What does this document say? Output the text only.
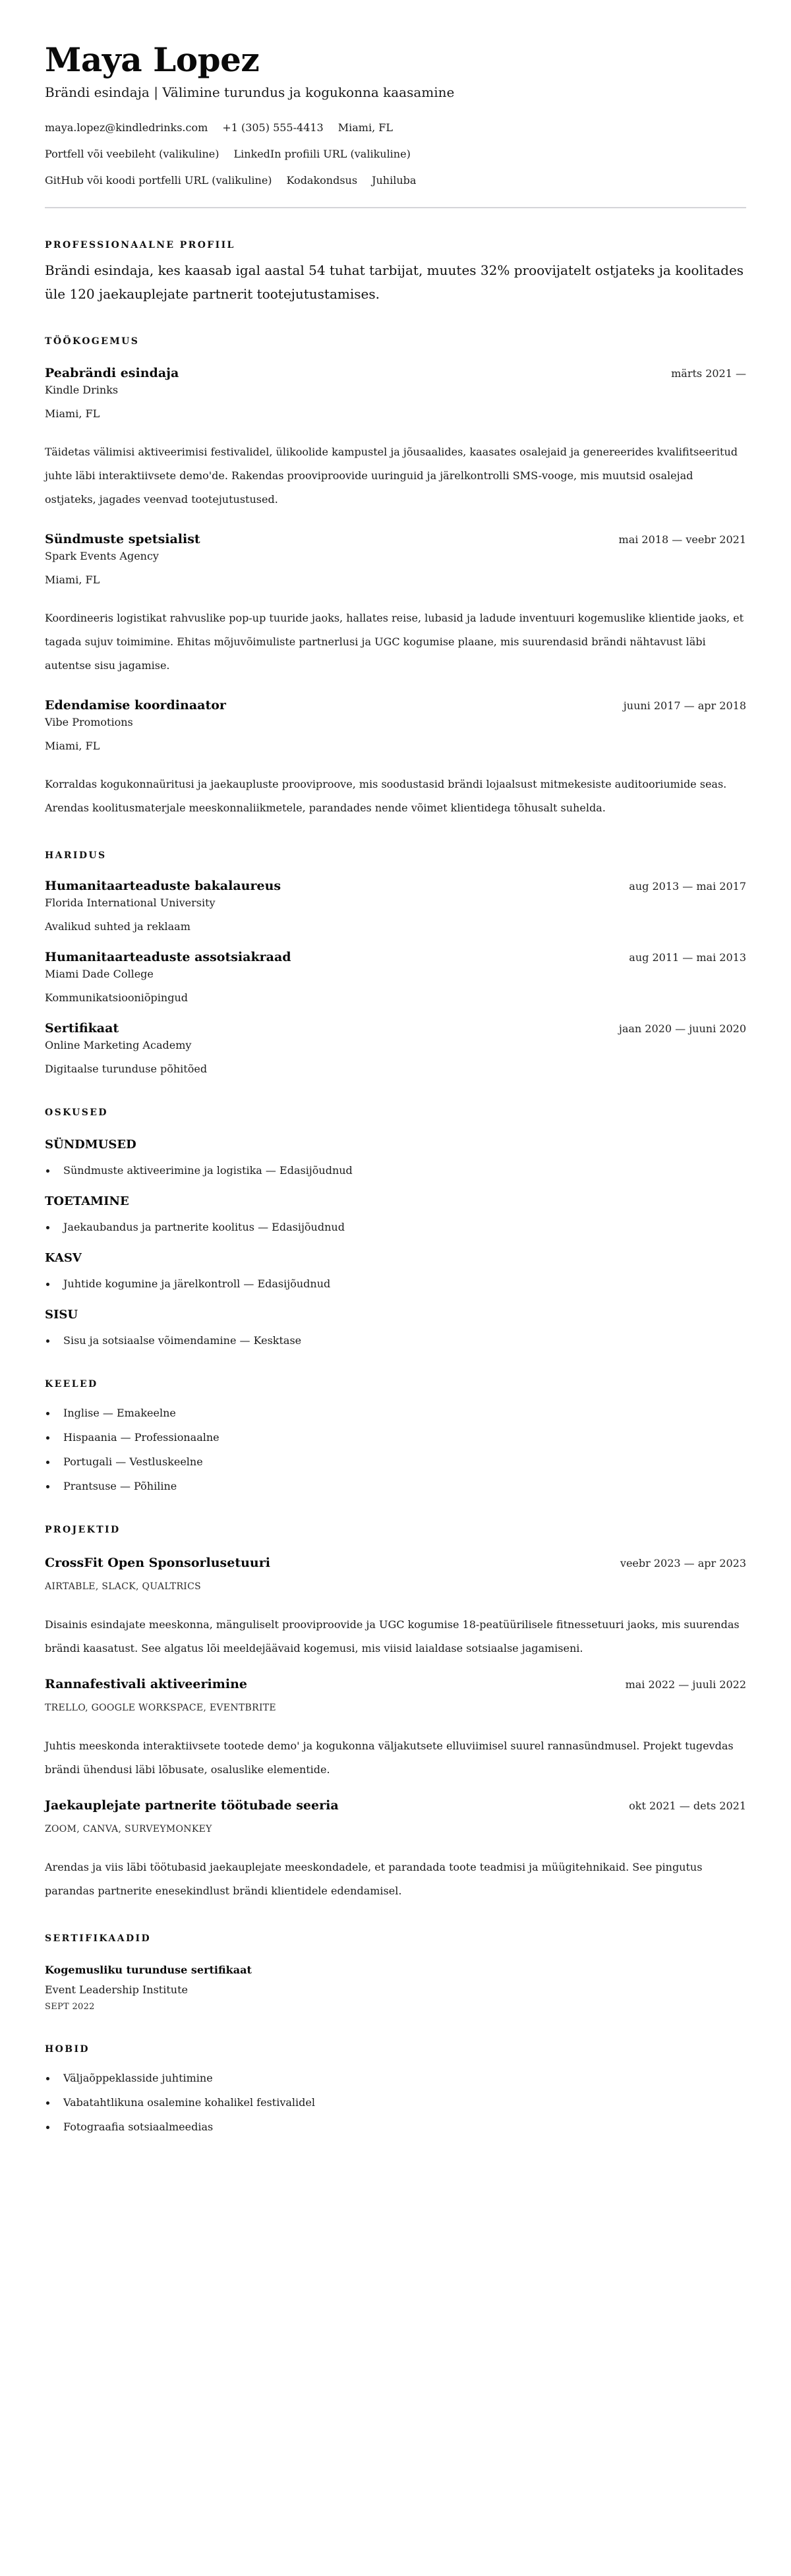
Maya Lopez
Brändi esindaja | Välimine turundus ja kogukonna kaasamine
maya.lopez@kindledrinks.com +1 (305) 555-4413 Miami, FL
Portfell või veebileht (valikuline) LinkedIn profiili URL (valikuline)
GitHub või koodi portfelli URL (valikuline) Kodakondsus Juhiluba
PROFESSIONAALNE PROFIIL

Brändi esindaja, kes kaasab igal aastal 54 tuhat tarbijat, muutes 32% proovijatelt ostjateks ja koolitades üle 120 jaekauplejate partnerit tootejutustamises.

TÖÖKOGEMUS
Peabrändi esindaja	märts 2021 —
Kindle Drinks
Miami, FL

Täidetas välimisi aktiveerimisi festivalidel, ülikoolide kampustel ja jõusaalides, kaasates osalejaid ja genereerides kvalifitseeritud juhte läbi interaktiivsete demo'de. Rakendas prooviproovide uuringuid ja järelkontrolli SMS-vooge, mis muutsid osalejad ostjateks, jagades veenvad tootejutustused.

Sündmuste spetsialist	mai 2018 — veebr 2021
Spark Events Agency
Miami, FL

Koordineeris logistikat rahvuslike pop-up tuuride jaoks, hallates reise, lubasid ja ladude inventuuri kogemuslike klientide jaoks, et tagada sujuv toimimine. Ehitas mõjuvõimuliste partnerlusi ja UGC kogumise plaane, mis suurendasid brändi nähtavust läbi autentse sisu jagamise.

Edendamise koordinaator	juuni 2017 — apr 2018
Vibe Promotions
Miami, FL

Korraldas kogukonnaüritusi ja jaekaupluste prooviproove, mis soodustasid brändi lojaalsust mitmekesiste auditooriumide seas. Arendas koolitusmaterjale meeskonnaliikmetele, parandades nende võimet klientidega tõhusalt suhelda.

HARIDUS
Humanitaarteaduste bakalaureus	aug 2013 — mai 2017
Florida International University
Avalikud suhted ja reklaam
Humanitaarteaduste assotsiakraad	aug 2011 — mai 2013
Miami Dade College
Kommunikatsiooniõpingud
Sertifikaat	jaan 2020 — juuni 2020
Online Marketing Academy
Digitaalse turunduse põhitõed
OSKUSED
SÜNDMUSED
Sündmuste aktiveerimine ja logistika — Edasijõudnud
TOETAMINE
Jaekaubandus ja partnerite koolitus — Edasijõudnud
KASV
Juhtide kogumine ja järelkontroll — Edasijõudnud
SISU
Sisu ja sotsiaalse võimendamine — Kesktase
KEELED
Inglise — Emakeelne
Hispaania — Professionaalne
Portugali — Vestluskeelne
Prantsuse — Põhiline
PROJEKTID
CrossFit Open Sponsorlusetuuri	veebr 2023 — apr 2023
AIRTABLE, SLACK, QUALTRICS

Disainis esindajate meeskonna, mänguliselt prooviproovide ja UGC kogumise 18-peatüürilisele fitnessetuuri jaoks, mis suurendas brändi kaasatust. See algatus lõi meeldejäävaid kogemusi, mis viisid laialdase sotsiaalse jagamiseni.

Rannafestivali aktiveerimine	mai 2022 — juuli 2022
TRELLO, GOOGLE WORKSPACE, EVENTBRITE

Juhtis meeskonda interaktiivsete tootede demo' ja kogukonna väljakutsete elluviimisel suurel rannasündmusel. Projekt tugevdas brändi ühendusi läbi lõbusate, osaluslike elementide.

Jaekauplejate partnerite töötubade seeria	okt 2021 — dets 2021
ZOOM, CANVA, SURVEYMONKEY

Arendas ja viis läbi töötubasid jaekauplejate meeskondadele, et parandada toote teadmisi ja müügitehnikaid. See pingutus parandas partnerite enesekindlust brändi klientidele edendamisel.

SERTIFIKAADID
Kogemusliku turunduse sertifikaat
Event Leadership Institute
SEPT 2022
HOBID
Väljaõppeklasside juhtimine
Vabatahtlikuna osalemine kohalikel festivalidel
Fotograafia sotsiaalmeedias
